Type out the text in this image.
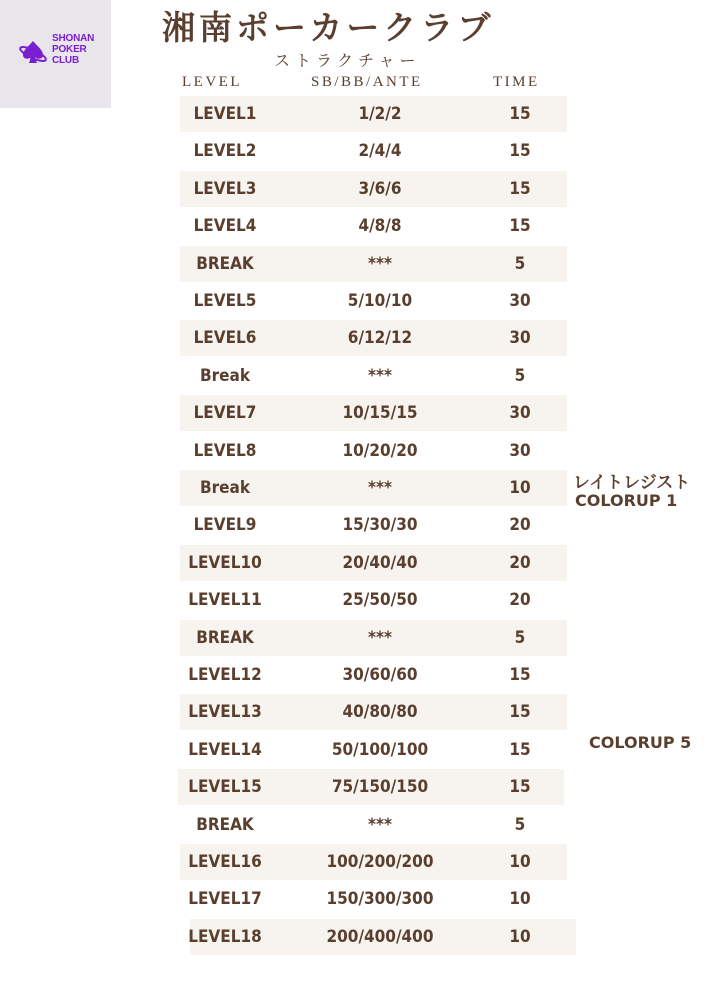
SHONAN
POKER
CLUB
湘南ポーカークラブ
ストラクチャー
LEVEL	SB/BB/ANTE	TIME
LEVEL1	1/2/2	15
LEVEL2	2/4/4	15
LEVEL3	3/6/6	15
LEVEL4	4/8/8	15
BREAK	***	5
LEVEL5	5/10/10	30
LEVEL6	6/12/12	30
Break	***	5
LEVEL7	10/15/15	30
LEVEL8	10/20/20	30
Break	***	10
LEVEL9	15/30/30	20
LEVEL10	20/40/40	20
LEVEL11	25/50/50	20
BREAK	***	5
LEVEL12	30/60/60	15
LEVEL13	40/80/80	15
LEVEL14	50/100/100	15
LEVEL15	75/150/150	15
BREAK	***	5
LEVEL16	100/200/200	10
LEVEL17	150/300/300	10
LEVEL18	200/400/400	10
レイトレジスト
COLORUP 1
COLORUP 5
